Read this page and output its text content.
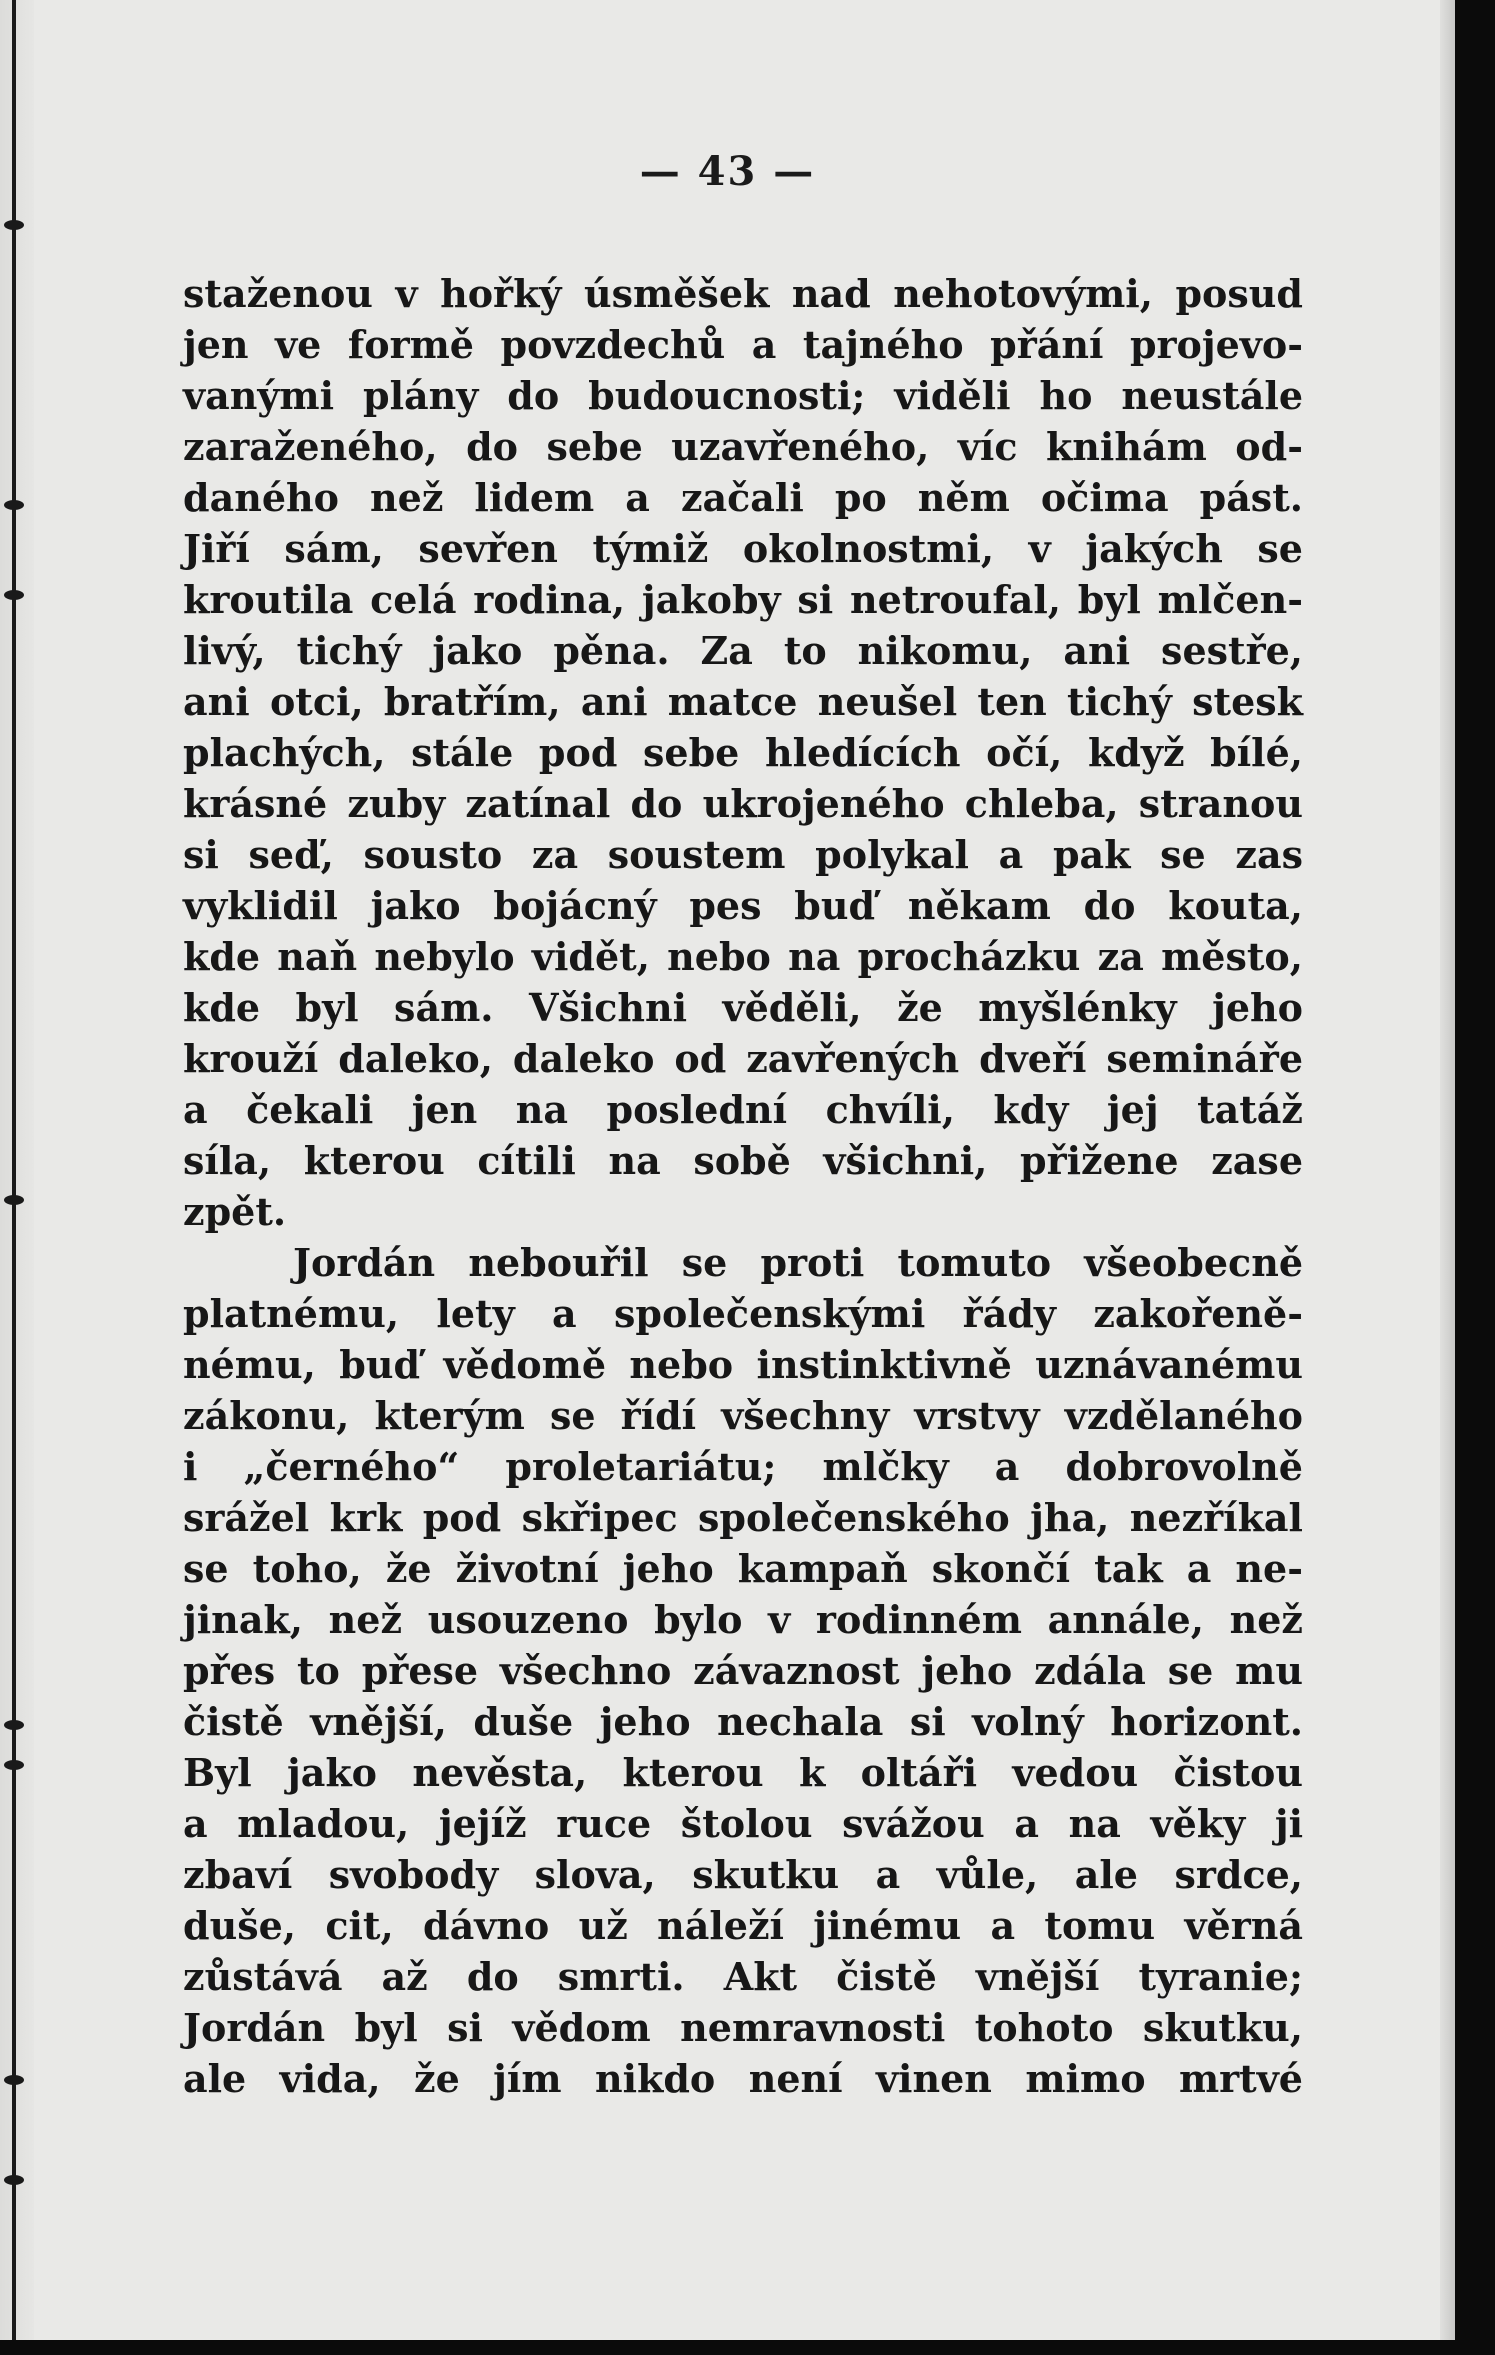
— 43 —
staženou v hořký úsměšek nad nehotovými, posud
jen ve formě povzdechů a tajného přání projevo-
vanými plány do budoucnosti; viděli ho neustále
zaraženého, do sebe uzavřeného, víc knihám od-
daného než lidem a začali po něm očima pást.
Jiří sám, sevřen týmiž okolnostmi, v jakých se
kroutila celá rodina, jakoby si netroufal, byl mlčen-
livý, tichý jako pěna. Za to nikomu, ani sestře,
ani otci, bratřím, ani matce neušel ten tichý stesk
plachých, stále pod sebe hledících očí, když bílé,
krásné zuby zatínal do ukrojeného chleba, stranou
si seď, sousto za soustem polykal a pak se zas
vyklidil jako bojácný pes buď někam do kouta,
kde naň nebylo vidět, nebo na procházku za město,
kde byl sám. Všichni věděli, že myšlénky jeho
krouží daleko, daleko od zavřených dveří semináře
a čekali jen na poslední chvíli, kdy jej tatáž
síla, kterou cítili na sobě všichni, přižene zase
zpět.
Jordán nebouřil se proti tomuto všeobecně
platnému, lety a společenskými řády zakořeně-
nému, buď vědomě nebo instinktivně uznávanému
zákonu, kterým se řídí všechny vrstvy vzdělaného
i „černého“ proletariátu; mlčky a dobrovolně
srážel krk pod skřipec společenského jha, nezříkal
se toho, že životní jeho kampaň skončí tak a ne-
jinak, než usouzeno bylo v rodinném annále, než
přes to přese všechno závaznost jeho zdála se mu
čistě vnější, duše jeho nechala si volný horizont.
Byl jako nevěsta, kterou k oltáři vedou čistou
a mladou, jejíž ruce štolou svážou a na věky ji
zbaví svobody slova, skutku a vůle, ale srdce,
duše, cit, dávno už náleží jinému a tomu věrná
zůstává až do smrti. Akt čistě vnější tyranie;
Jordán byl si vědom nemravnosti tohoto skutku,
ale vida, že jím nikdo není vinen mimo mrtvé
